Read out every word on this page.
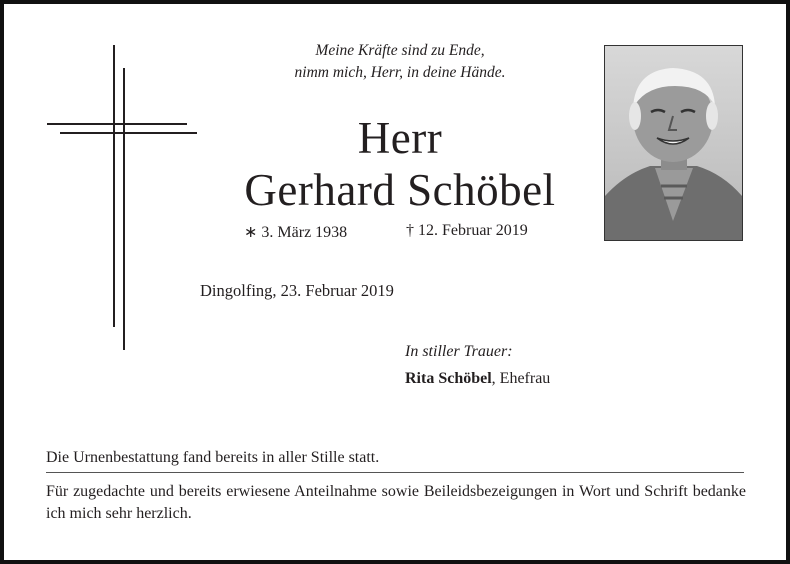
Meine Kräfte sind zu Ende,
nimm mich, Herr, in deine Hände.
Herr
Gerhard Schöbel
∗ 3. März 1938	† 12. Februar 2019
Dingolfing, 23. Februar 2019
In stiller Trauer:
Rita Schöbel, Ehefrau
Die Urnenbestattung fand bereits in aller Stille statt.
Für zugedachte und bereits erwiesene Anteilnahme sowie Beileidsbezeigungen in Wort und Schrift bedanke ich mich sehr herzlich.
